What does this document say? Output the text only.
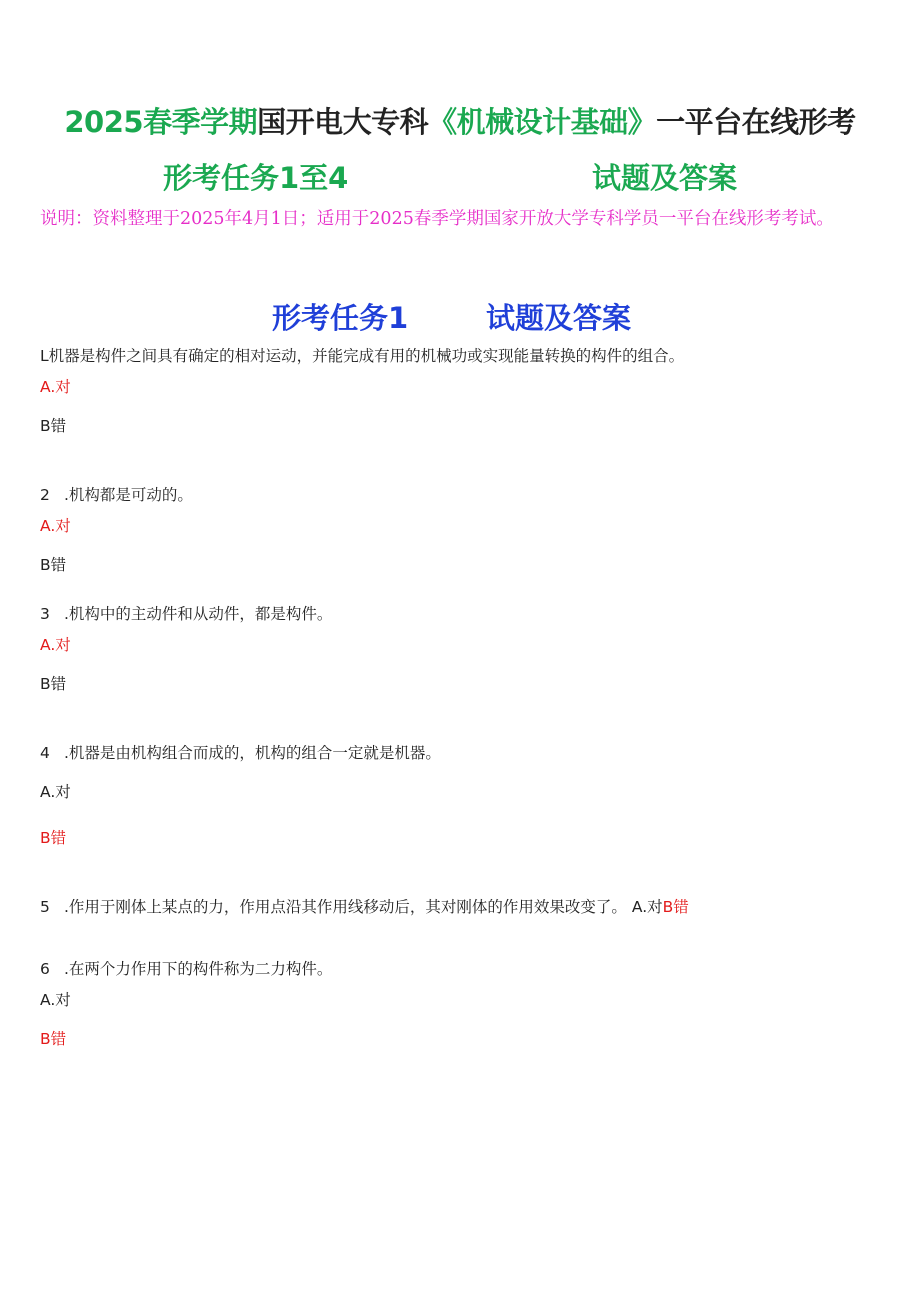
2025春季学期国开电大专科《机械设计基础》一平台在线形考
形考任务1至4	试题及答案
说明：资料整理于2025年4月1日；适用于2025春季学期国家开放大学专科学员一平台在线形考考试。
形考任务1	试题及答案
L机器是构件之间具有确定的相对运动，并能完成有用的机械功或实现能量转换的构件的组合。
A.对
B错
2 .机构都是可动的。
A.对
B错
3 .机构中的主动件和从动件，都是构件。
A.对
B错
4 .机器是由机构组合而成的，机构的组合一定就是机器。
A.对
B错
5 .作用于刚体上某点的力，作用点沿其作用线移动后，其对刚体的作用效果改变了。 A.对B错
6 .在两个力作用下的构件称为二力构件。
A.对
B错
